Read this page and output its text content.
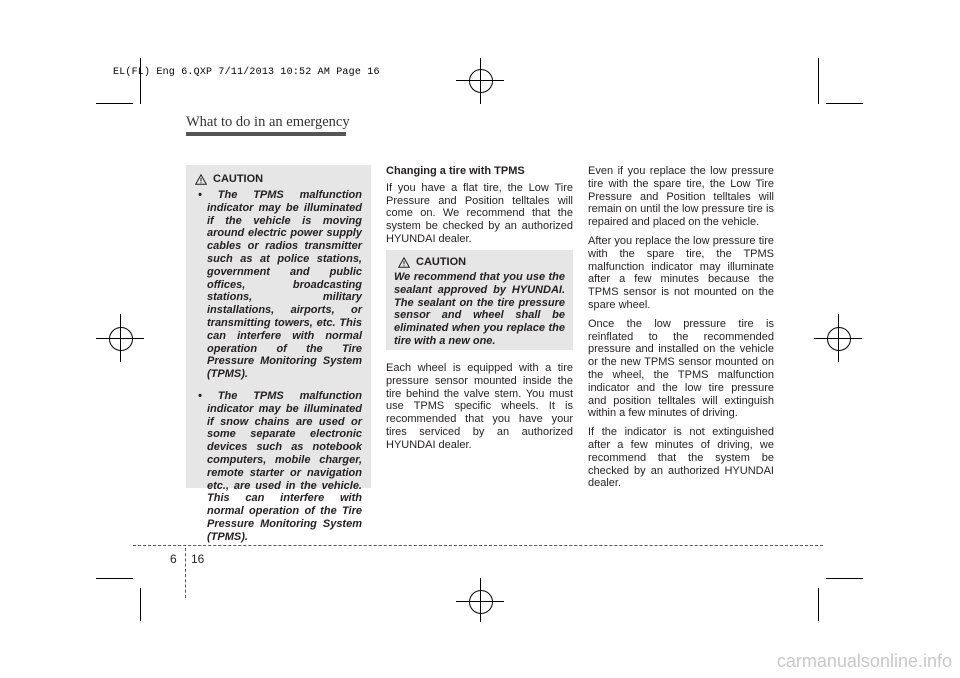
EL(FL) Eng 6.QXP 7/11/2013 10:52 AM Page 16
What to do in an emergency
CAUTION

• The TPMS malfunction indicator may be illuminated if the vehicle is moving around electric power supply cables or radios transmitter such as at police stations, government and public offices, broadcasting stations, military installations, airports, or transmitting towers, etc. This can interfere with normal operation of the Tire Pressure Monitoring System (TPMS).

• The TPMS malfunction indicator may be illuminated if snow chains are used or some separate electronic devices such as notebook computers, mobile charger, remote starter or navigation etc., are used in the vehicle. This can interfere with normal operation of the Tire Pressure Monitoring System (TPMS).

Changing a tire with TPMS

If you have a flat tire, the Low Tire Pressure and Position telltales will come on. We recommend that the system be checked by an authorized HYUNDAI dealer.

CAUTION
We recommend that you use the sealant approved by HYUNDAI. The sealant on the tire pressure sensor and wheel shall be eliminated when you replace the tire with a new one.

Each wheel is equipped with a tire pressure sensor mounted inside the tire behind the valve stem. You must use TPMS specific wheels. It is recommended that you have your tires serviced by an authorized HYUNDAI dealer.

Even if you replace the low pressure tire with the spare tire, the Low Tire Pressure and Position telltales will remain on until the low pressure tire is repaired and placed on the vehicle.

After you replace the low pressure tire with the spare tire, the TPMS malfunction indicator may illuminate after a few minutes because the TPMS sensor is not mounted on the spare wheel.

Once the low pressure tire is reinflated to the recommended pressure and installed on the vehicle or the new TPMS sensor mounted on the wheel, the TPMS malfunction indicator and the low tire pressure and position telltales will extinguish within a few minutes of driving.

If the indicator is not extinguished after a few minutes of driving, we recommend that the system be checked by an authorized HYUNDAI dealer.

6 16
carmanualsonline.info
